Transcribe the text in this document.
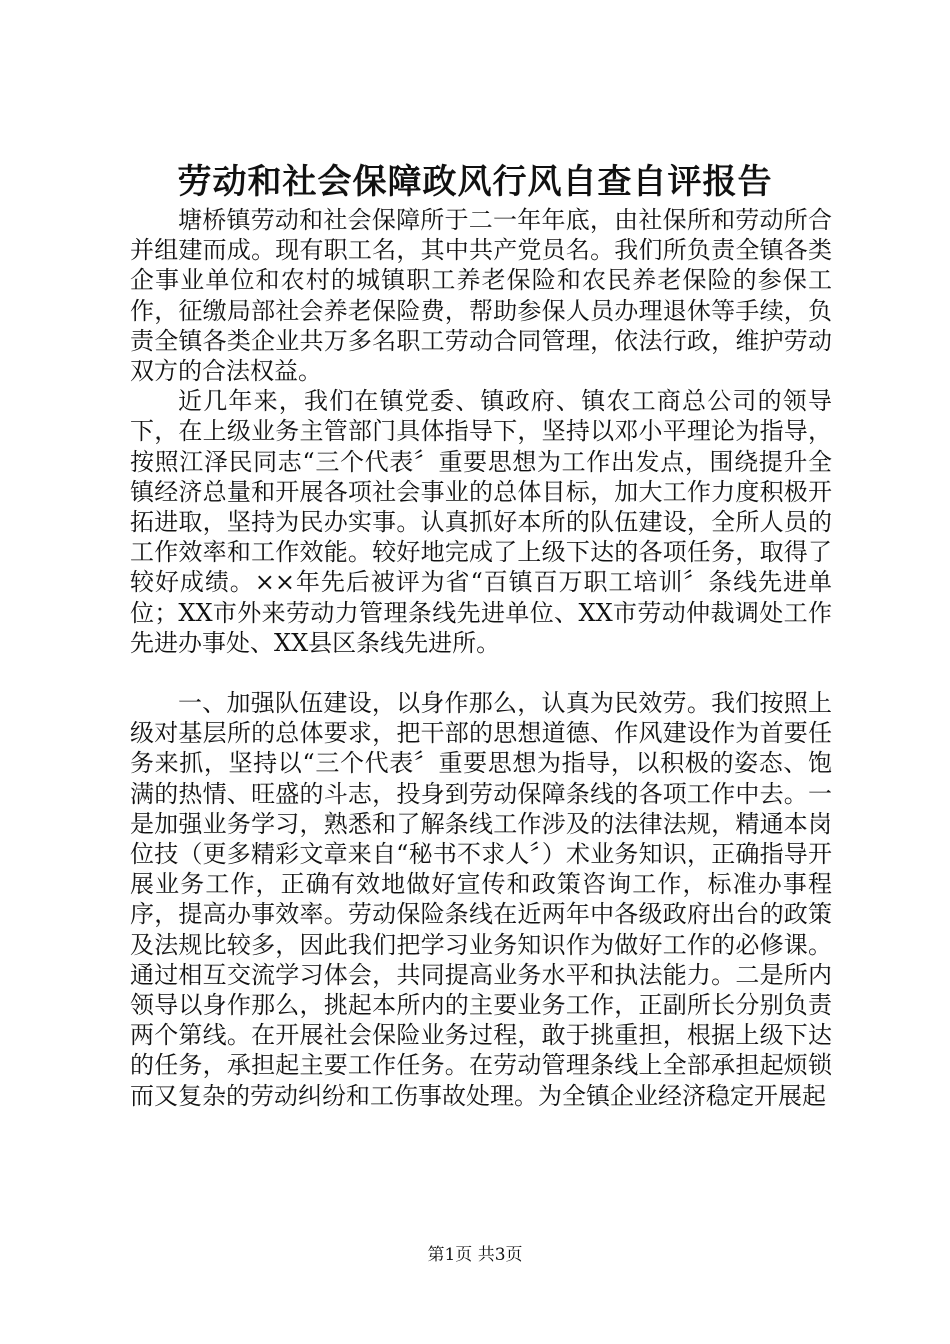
劳动和社会保障政风行风自查自评报告

塘桥镇劳动和社会保障所于二一年年底，由社保所和劳动所合并组建而成。现有职工名，其中共产党员名。我们所负责全镇各类企事业单位和农村的城镇职工养老保险和农民养老保险的参保工作，征缴局部社会养老保险费，帮助参保人员办理退休等手续，负责全镇各类企业共万多名职工劳动合同管理，依法行政，维护劳动双方的合法权益。

近几年来，我们在镇党委、镇政府、镇农工商总公司的领导下，在上级业务主管部门具体指导下，坚持以邓小平理论为指导，按照江泽民同志“三个代表〞重要思想为工作出发点，围绕提升全镇经济总量和开展各项社会事业的总体目标，加大工作力度积极开拓进取，坚持为民办实事。认真抓好本所的队伍建设，全所人员的工作效率和工作效能。较好地完成了上级下达的各项任务，取得了较好成绩。××年先后被评为省“百镇百万职工培训〞条线先进单位；XX市外来劳动力管理条线先进单位、XX市劳动仲裁调处工作先进办事处、XX县区条线先进所。

一、加强队伍建设，以身作那么，认真为民效劳。我们按照上级对基层所的总体要求，把干部的思想道德、作风建设作为首要任务来抓，坚持以“三个代表〞重要思想为指导，以积极的姿态、饱满的热情、旺盛的斗志，投身到劳动保障条线的各项工作中去。一是加强业务学习，熟悉和了解条线工作涉及的法律法规，精通本岗位技（更多精彩文章来自“秘书不求人〞）术业务知识，正确指导开展业务工作，正确有效地做好宣传和政策咨询工作，标准办事程序，提高办事效率。劳动保险条线在近两年中各级政府出台的政策及法规比较多，因此我们把学习业务知识作为做好工作的必修课。通过相互交流学习体会，共同提高业务水平和执法能力。二是所内领导以身作那么，挑起本所内的主要业务工作，正副所长分别负责两个第线。在开展社会保险业务过程，敢于挑重担，根据上级下达的任务，承担起主要工作任务。在劳动管理条线上全部承担起烦锁而又复杂的劳动纠纷和工伤事故处理。为全镇企业经济稳定开展起

第1页 共3页
